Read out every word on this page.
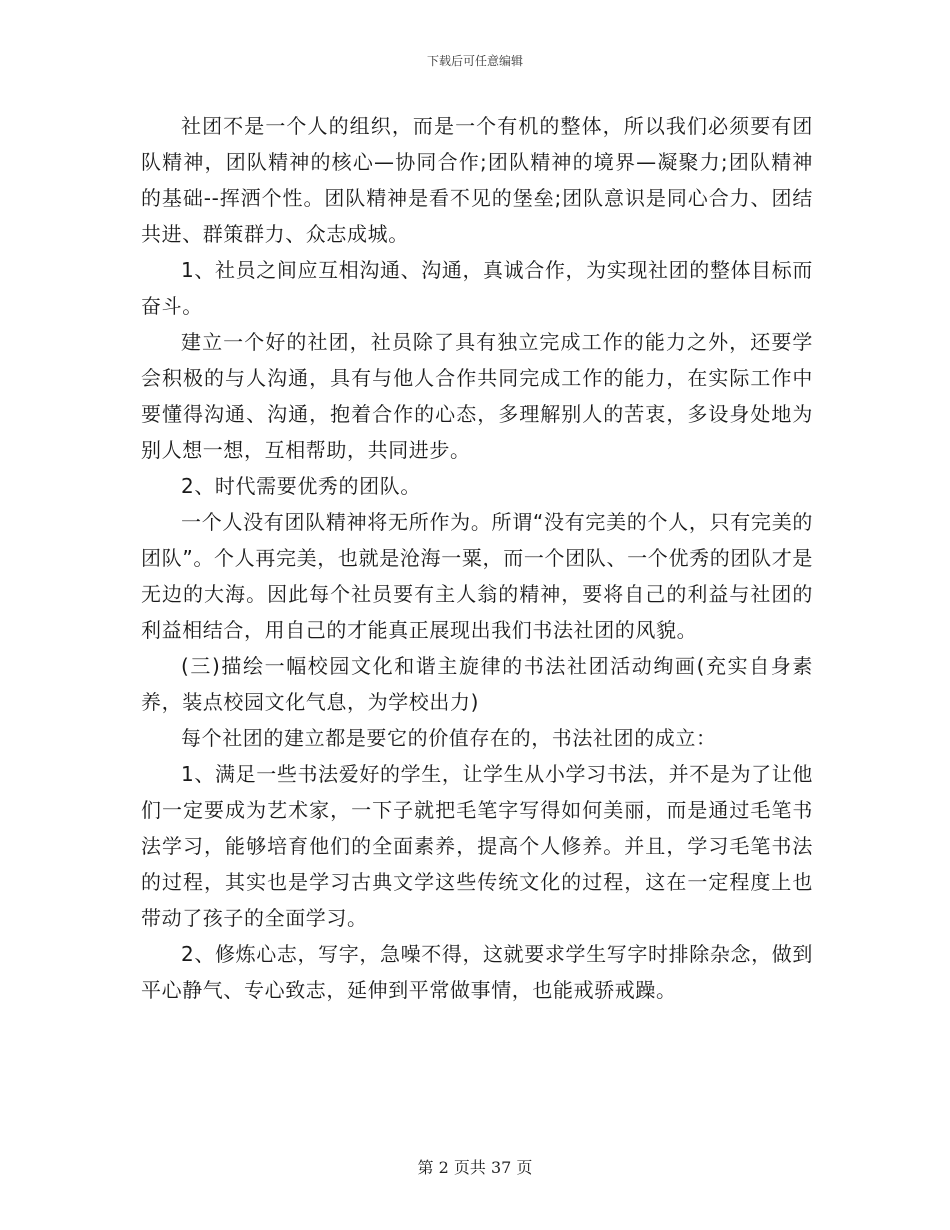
下载后可任意编辑

社团不是一个人的组织，而是一个有机的整体，所以我们必须要有团队精神，团队精神的核心—协同合作;团队精神的境界—凝聚力;团队精神的基础--挥洒个性。团队精神是看不见的堡垒;团队意识是同心合力、团结共进、群策群力、众志成城。

1、社员之间应互相沟通、沟通，真诚合作，为实现社团的整体目标而奋斗。

建立一个好的社团，社员除了具有独立完成工作的能力之外，还要学会积极的与人沟通，具有与他人合作共同完成工作的能力，在实际工作中要懂得沟通、沟通，抱着合作的心态，多理解别人的苦衷，多设身处地为别人想一想，互相帮助，共同进步。

2、时代需要优秀的团队。

一个人没有团队精神将无所作为。所谓“没有完美的个人，只有完美的团队”。个人再完美，也就是沧海一粟，而一个团队、一个优秀的团队才是无边的大海。因此每个社员要有主人翁的精神，要将自己的利益与社团的利益相结合，用自己的才能真正展现出我们书法社团的风貌。

(三)描绘一幅校园文化和谐主旋律的书法社团活动绚画(充实自身素养，装点校园文化气息，为学校出力)

每个社团的建立都是要它的价值存在的，书法社团的成立：

1、满足一些书法爱好的学生，让学生从小学习书法，并不是为了让他们一定要成为艺术家，一下子就把毛笔字写得如何美丽，而是通过毛笔书法学习，能够培育他们的全面素养，提高个人修养。并且，学习毛笔书法的过程，其实也是学习古典文学这些传统文化的过程，这在一定程度上也带动了孩子的全面学习。

2、修炼心志，写字，急噪不得，这就要求学生写字时排除杂念，做到平心静气、专心致志，延伸到平常做事情，也能戒骄戒躁。

第 2 页共 37 页
